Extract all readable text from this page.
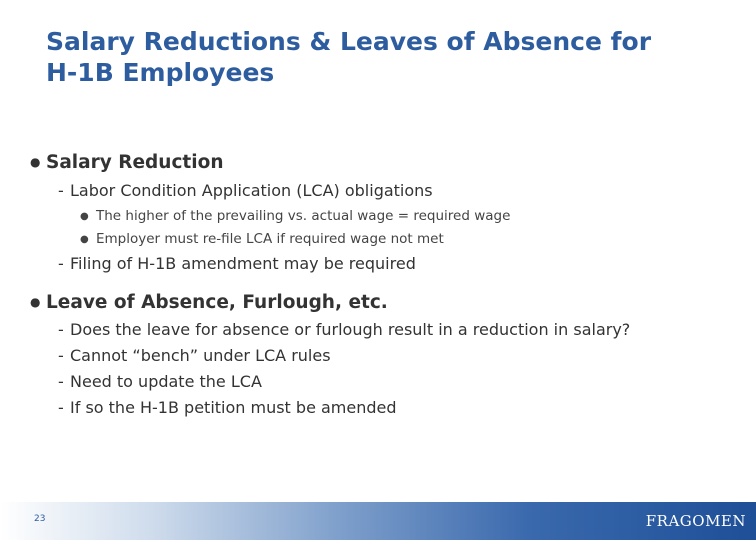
Salary Reductions & Leaves of Absence for
H-1B Employees
● Salary Reduction
- Labor Condition Application (LCA) obligations
● The higher of the prevailing vs. actual wage = required wage
● Employer must re-file LCA if required wage not met
- Filing of H-1B amendment may be required
● Leave of Absence, Furlough, etc.
- Does the leave for absence or furlough result in a reduction in salary?
- Cannot “bench” under LCA rules
- Need to update the LCA
- If so the H-1B petition must be amended
23	FRAGOMEN
